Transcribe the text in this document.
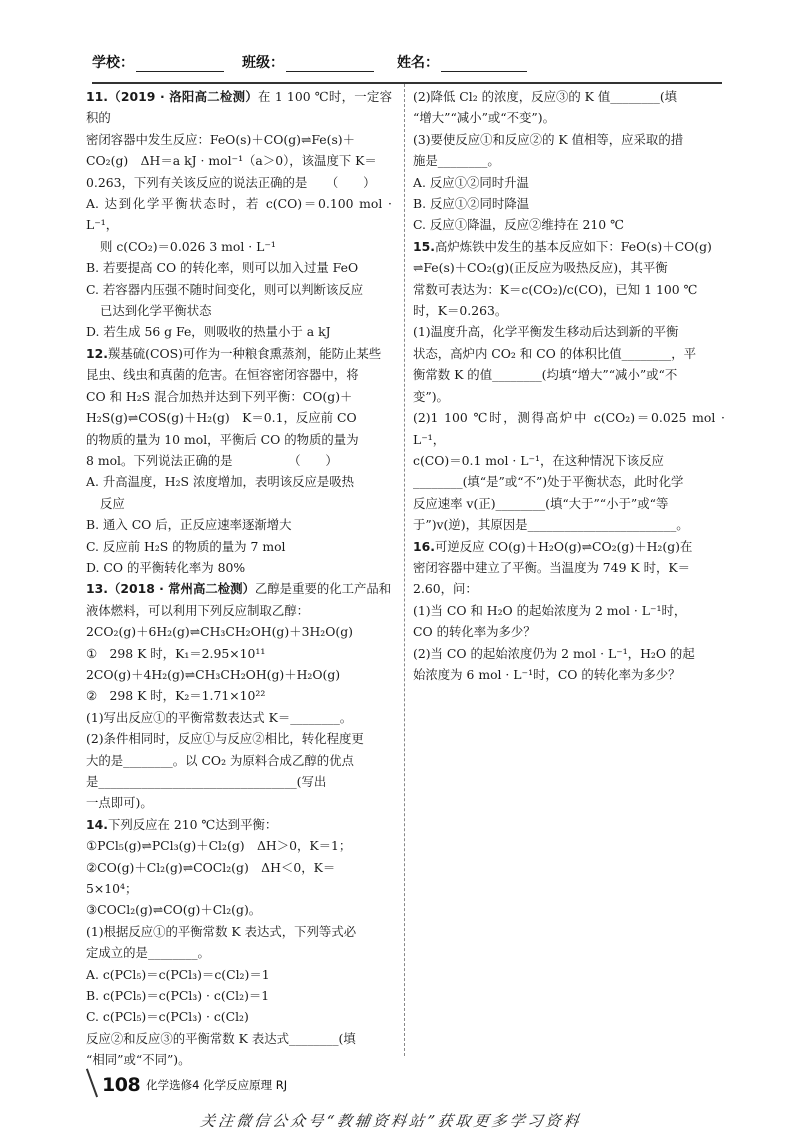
学校：	班级：	姓名：

11.（2019 · 洛阳高二检测）在 1 100 ℃时，一定容积的

密闭容器中发生反应：FeO(s)＋CO(g)⇌Fe(s)＋

CO₂(g)　ΔH＝a kJ · mol⁻¹（a＞0），该温度下 K＝

0.263，下列有关该反应的说法正确的是　　（　　）

A. 达到化学平衡状态时，若 c(CO)＝0.100 mol · L⁻¹，

则 c(CO₂)＝0.026 3 mol · L⁻¹

B. 若要提高 CO 的转化率，则可以加入过量 FeO

C. 若容器内压强不随时间变化，则可以判断该反应

已达到化学平衡状态

D. 若生成 56 g Fe，则吸收的热量小于 a kJ

12.羰基硫(COS)可作为一种粮食熏蒸剂，能防止某些

昆虫、线虫和真菌的危害。在恒容密闭容器中，将

CO 和 H₂S 混合加热并达到下列平衡：CO(g)＋

H₂S(g)⇌COS(g)＋H₂(g)　K＝0.1，反应前 CO

的物质的量为 10 mol，平衡后 CO 的物质的量为

8 mol。下列说法正确的是　　　　　（　　）

A. 升高温度，H₂S 浓度增加，表明该反应是吸热

反应

B. 通入 CO 后，正反应速率逐渐增大

C. 反应前 H₂S 的物质的量为 7 mol

D. CO 的平衡转化率为 80%

13.（2018 · 常州高二检测）乙醇是重要的化工产品和

液体燃料，可以利用下列反应制取乙醇：

2CO₂(g)＋6H₂(g)⇌CH₃CH₂OH(g)＋3H₂O(g)

①　298 K 时，K₁＝2.95×10¹¹

2CO(g)＋4H₂(g)⇌CH₃CH₂OH(g)＋H₂O(g)

②　298 K 时，K₂＝1.71×10²²

(1)写出反应①的平衡常数表达式 K＝________。

(2)条件相同时，反应①与反应②相比，转化程度更

大的是________。以 CO₂ 为原料合成乙醇的优点

是________________________________(写出

一点即可)。

14.下列反应在 210 ℃达到平衡：

①PCl₅(g)⇌PCl₃(g)＋Cl₂(g)　ΔH＞0，K＝1；

②CO(g)＋Cl₂(g)⇌COCl₂(g)　ΔH＜0，K＝

5×10⁴；

③COCl₂(g)⇌CO(g)＋Cl₂(g)。

(1)根据反应①的平衡常数 K 表达式，下列等式必

定成立的是________。

A. c(PCl₅)＝c(PCl₃)＝c(Cl₂)＝1

B. c(PCl₅)＝c(PCl₃) · c(Cl₂)＝1

C. c(PCl₅)＝c(PCl₃) · c(Cl₂)

反应②和反应③的平衡常数 K 表达式________(填

“相同”或“不同”)。

(2)降低 Cl₂ 的浓度，反应③的 K 值________(填

“增大”“减小”或“不变”)。

(3)要使反应①和反应②的 K 值相等，应采取的措

施是________。

A. 反应①②同时升温

B. 反应①②同时降温

C. 反应①降温，反应②维持在 210 ℃

15.高炉炼铁中发生的基本反应如下：FeO(s)＋CO(g)

⇌Fe(s)＋CO₂(g)(正反应为吸热反应)，其平衡

常数可表达为：K＝c(CO₂)/c(CO)，已知 1 100 ℃

时，K＝0.263。

(1)温度升高，化学平衡发生移动后达到新的平衡

状态，高炉内 CO₂ 和 CO 的体积比值________，平

衡常数 K 的值________(均填“增大”“减小”或“不

变”)。

(2)1 100 ℃时，测得高炉中 c(CO₂)＝0.025 mol · L⁻¹，

c(CO)＝0.1 mol · L⁻¹，在这种情况下该反应

________(填“是”或“不”)处于平衡状态，此时化学

反应速率 v(正)________(填“大于”“小于”或“等

于”)v(逆)，其原因是________________________。

16.可逆反应 CO(g)＋H₂O(g)⇌CO₂(g)＋H₂(g)在

密闭容器中建立了平衡。当温度为 749 K 时，K＝

2.60，问：

(1)当 CO 和 H₂O 的起始浓度为 2 mol · L⁻¹时，

CO 的转化率为多少？

(2)当 CO 的起始浓度仍为 2 mol · L⁻¹，H₂O 的起

始浓度为 6 mol · L⁻¹时，CO 的转化率为多少？

108 化学选修4 化学反应原理 RJ
关注微信公众号“教辅资料站”获取更多学习资料
